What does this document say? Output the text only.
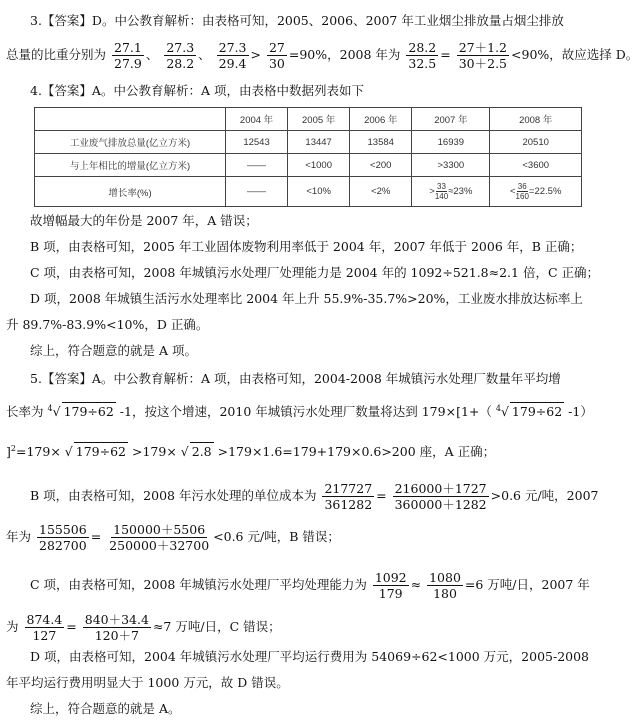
3.【答案】D。中公教育解析：由表格可知，2005、2006、2007 年工业烟尘排放量占烟尘排放
总量的比重分别为 $\frac{27.1}{27.9}$ 、 $\frac{27.3}{28.2}$ 、 $\frac{27.3}{29.4} > \frac{27}{30} =90\%$，2008 年为 $\frac{28.2}{32.5} = \frac{27+1.2}{30+2.5} <90\%$，故应选择 D。
4.【答案】A。中公教育解析：A 项，由表格中数据列表如下
	2004 年	2005 年	2006 年	2007 年	2008 年
工业废气排放总量(亿立方米)	12543	13447	13584	16939	20510
与上年相比的增量(亿立方米)	——	<1000	<200	>3300	<3600
增长率(%)	——	<10%	<2%	> $\frac{33}{140} \approx 23\%$	< $\frac{36}{160} =22.5\%$
故增幅最大的年份是 2007 年，A 错误；
B 项，由表格可知，2005 年工业固体废物利用率低于 2004 年，2007 年低于 2006 年，B 正确；
C 项，由表格可知，2008 年城镇污水处理厂处理能力是 2004 年的 1092÷521.8≈2.1 倍，C 正确；
D 项，2008 年城镇生活污水处理率比 2004 年上升 55.9%-35.7%>20%，工业废水排放达标率上
升 89.7%-83.9%<10%，D 正确。
综上，符合题意的就是 A 项。
5.【答案】A。中公教育解析：A 项，由表格可知，2004-2008 年城镇污水处理厂数量年平均增
长率为 $^4$√ 179÷62 -1，按这个增速，2010 年城镇污水处理厂数量将达到 179×[1+（ $^4$√ 179÷62 -1）
]$^2$=179× √ 179÷62 >179× √ 2.8 >179×1.6=179+179×0.6>200 座，A 正确；
B 项，由表格可知，2008 年污水处理的单位成本为 $\frac{217727}{361282} = \frac{216000+1727}{360000+1282} >0.6$ 元/吨，2007
年为 $\frac{155506}{282700} = \frac{150000+5506}{250000+32700} <0.6$ 元/吨，B 错误；
C 项，由表格可知，2008 年城镇污水处理厂平均处理能力为 $\frac{1092}{179} \approx \frac{1080}{180} =6$ 万吨/日，2007 年
为 $\frac{874.4}{127} = \frac{840+34.4}{120+7} \approx 7$ 万吨/日，C 错误；
D 项，由表格可知，2004 年城镇污水处理厂平均运行费用为 54069÷62<1000 万元，2005-2008
年平均运行费用明显大于 1000 万元，故 D 错误。
综上，符合题意的就是 A。
